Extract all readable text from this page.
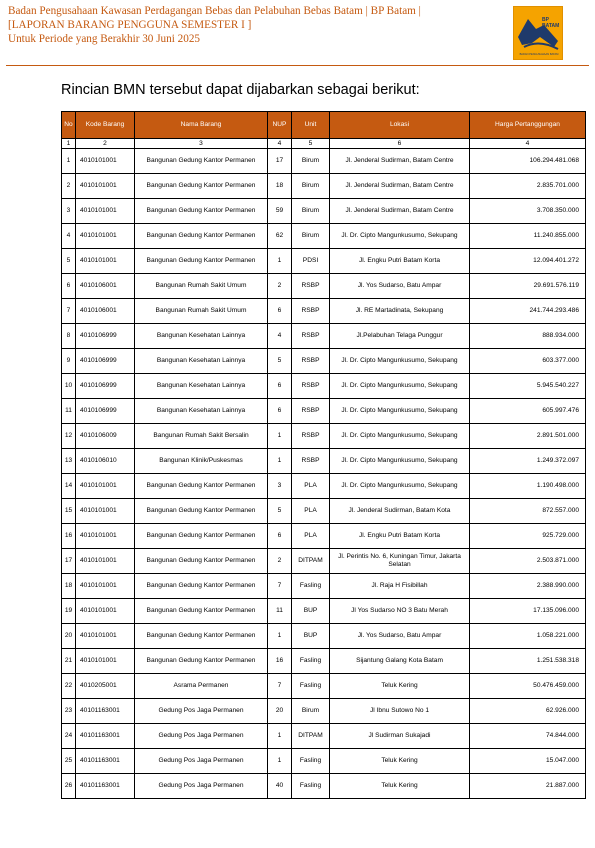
Badan Pengusahaan Kawasan Perdagangan Bebas dan Pelabuhan Bebas Batam | BP Batam |
[LAPORAN BARANG PENGGUNA SEMESTER I ]
Untuk Periode yang Berakhir 30 Juni 2025
BP BATAM
BADAN PENGUSAHAAN BATAM
Rincian BMN tersebut dapat dijabarkan sebagai berikut:
No	Kode Barang	Nama Barang	NUP	Unit	Lokasi	Harga Pertanggungan
1	2	3	4	5	6	4
1	4010101001	Bangunan Gedung Kantor Permanen	17	Birum	Jl. Jenderal Sudirman, Batam Centre	106.294.481.068
2	4010101001	Bangunan Gedung Kantor Permanen	18	Birum	Jl. Jenderal Sudirman, Batam Centre	2.835.701.000
3	4010101001	Bangunan Gedung Kantor Permanen	59	Birum	Jl. Jenderal Sudirman, Batam Centre	3.708.350.000
4	4010101001	Bangunan Gedung Kantor Permanen	62	Birum	Jl. Dr. Cipto Mangunkusumo, Sekupang	11.240.855.000
5	4010101001	Bangunan Gedung Kantor Permanen	1	PDSI	Jl. Engku Putri Batam Korta	12.094.401.272
6	4010106001	Bangunan Rumah Sakit Umum	2	RSBP	Jl. Yos Sudarso, Batu Ampar	29.691.576.119
7	4010106001	Bangunan Rumah Sakit Umum	6	RSBP	Jl. RE Martadinata, Sekupang	241.744.293.486
8	4010106999	Bangunan Kesehatan Lainnya	4	RSBP	Jl.Pelabuhan Telaga Punggur	888.934.000
9	4010106999	Bangunan Kesehatan Lainnya	5	RSBP	Jl. Dr. Cipto Mangunkusumo, Sekupang	603.377.000
10	4010106999	Bangunan Kesehatan Lainnya	6	RSBP	Jl. Dr. Cipto Mangunkusumo, Sekupang	5.945.540.227
11	4010106999	Bangunan Kesehatan Lainnya	6	RSBP	Jl. Dr. Cipto Mangunkusumo, Sekupang	605.997.476
12	4010106009	Bangunan Rumah Sakit Bersalin	1	RSBP	Jl. Dr. Cipto Mangunkusumo, Sekupang	2.891.501.000
13	4010106010	Bangunan Klinik/Puskesmas	1	RSBP	Jl. Dr. Cipto Mangunkusumo, Sekupang	1.249.372.097
14	4010101001	Bangunan Gedung Kantor Permanen	3	PLA	Jl. Dr. Cipto Mangunkusumo, Sekupang	1.190.498.000
15	4010101001	Bangunan Gedung Kantor Permanen	5	PLA	Jl. Jenderal Sudirman, Batam Kota	872.557.000
16	4010101001	Bangunan Gedung Kantor Permanen	6	PLA	Jl. Engku Putri Batam Korta	925.729.000
17	4010101001	Bangunan Gedung Kantor Permanen	2	DITPAM	Jl. Perintis No. 6, Kuningan Timur, Jakarta Selatan	2.503.871.000
18	4010101001	Bangunan Gedung Kantor Permanen	7	Fasling	Jl. Raja H Fisibillah	2.388.990.000
19	4010101001	Bangunan Gedung Kantor Permanen	11	BUP	Jl Yos Sudarso NO 3 Batu Merah	17.135.096.000
20	4010101001	Bangunan Gedung Kantor Permanen	1	BUP	Jl. Yos Sudarso, Batu Ampar	1.058.221.000
21	4010101001	Bangunan Gedung Kantor Permanen	16	Fasling	Sijantung Galang Kota Batam	1.251.538.318
22	4010205001	Asrama Permanen	7	Fasling	Teluk Kering	50.476.459.000
23	40101163001	Gedung Pos Jaga Permanen	20	Birum	Jl Ibnu Sutowo No 1	62.926.000
24	40101163001	Gedung Pos Jaga Permanen	1	DITPAM	Jl Sudirman Sukajadi	74.844.000
25	40101163001	Gedung Pos Jaga Permanen	1	Fasling	Teluk Kering	15.047.000
26	40101163001	Gedung Pos Jaga Permanen	40	Fasling	Teluk Kering	21.887.000
